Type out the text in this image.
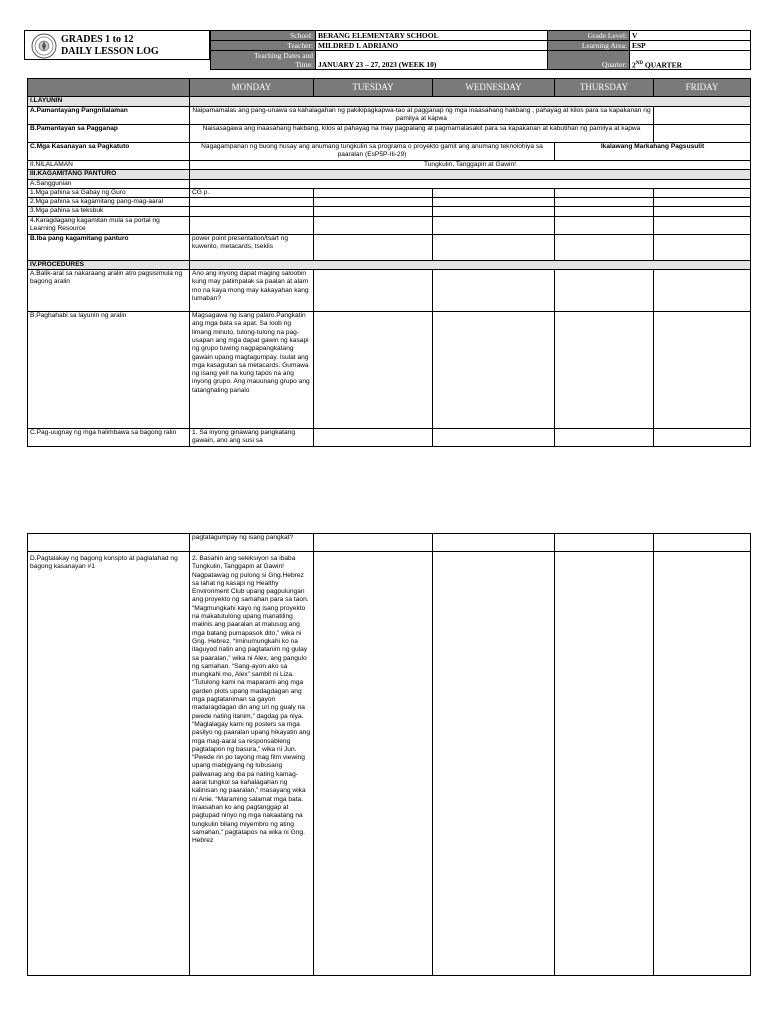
GRADES 1 to 12
DAILY LESSON LOG
School:	BERANG ELEMENTARY SCHOOL	Grade Level:	V
Teacher:	MILDRED I. ADRIANO	Learning Area:	ESP

Teaching Dates and
Time:	JANUARY 23 – 27, 2023 (WEEK 10)	Quarter:	2ND QUARTER
	MONDAY	TUESDAY	WEDNESDAY	THURSDAY	FRIDAY
I.LAYUNIN					
A.Pamantayang Pangnilalaman	Naipamamalas ang pang-unawa sa kahalagahan ng pakikipagkapwa-tao at pagganap ng mga inaasahang hakbang , pahayag at kilos para sa kapakanan ng pamilya at kapwa				
B.Pamantayan sa Pagganap	Naisasagawa ang inaasahang hakbang, kilos at pahayag na may pagpalang at pagmamalasakit para sa kapakanan at kabutihan ng pamilya at kapwa				
C.Mga Kasanayan sa Pagkatuto	Nagagampanan ng buong husay ang anumang tungkulin sa programa o proyekto gamit ang anumang teknolohiya sa paaralan (EsP5P-IIi-29)			Ikalawang Markahang Pagsusulit	
II.NILALAMAN	Tungkulin, Tanggapin at Gawin!				
III.KAGAMITANG PANTURO					
A.Sanggunian					
1.Mga pahina sa Gabay ng Guro	CG p.				
2.Mga pahina sa kagamitang pang-mag-aaral					
3.Mga pahina sa teksbuk					
4.Karagdagang kagamitan mula sa portal ng Learning Resource					
B.Iba pang kagamitang panturo	power point presentation/tsart ng kuwento, metacards, tseklis				
IV.PROCEDURES					
A.Balik-aral sa nakaraang aralin at/o pagsisimula ng bagong aralin	Ano ang inyong dapat maging saloobin kung may patimpalak sa paalan at alam mo na kaya mong may kakayahan kang lumaban?				
B.Paghahabi sa layunin ng aralin	Magsagawa ng isang palaro.Pangkatin ang mga bata sa apat. Sa loob ng limang minuto, tulong-tulong na pag- usapan ang mga dapat gawin ng kasapi ng grupo tuwing nagpapangkatang gawain upang magtagumpay. Isulat ang mga kasagutan sa metacards. Gumawa ng isang yell na kung tapos na ang inyong grupo. Ang mauunang grupo ang tatanghaling panalo				
C.Pag-uugnay ng mga halimbawa sa bagong ralin	1. Sa inyong ginawang pangkatang gawain, ano ang susi sa				
	pagtatagumpay ng isang pangkat?				
D.Pagtalakay ng bagong konspto at paglalahad ng bagong kasanayan #1	2. Basahin ang seleksiyon sa ibaba Tungkulin, Tanggapin at Gawin! Nagpatawag ng pulong si Gng.Hebrez sa lahat ng kasapi ng Healthy Environment Club upang pagpulungan ang proyekto ng samahan para sa taon. “Magmungkahi kayo ng isang proyekto na makatutulong upang manatiling malinis ang paaralan at malusog ang mga batang pumapasok dito,” wika ni Gng. Hebrez. “Iminumungkahi ko na itaguyod natin ang pagtatanim ng gulay sa paaralan,” wika ni Alex, ang pangulo ng samahan. “Sang-ayon ako sa mungkahi mo, Alex” sambit ni Liza. “Tutulong kami na maparami ang mga garden plots upang madagdagan ang mga pagtataniman sa gayon madaragdagan din ang uri ng gualy na pwede nating itanim,” dagdag pa niya. “Maglalagay kami ng posters sa mga pasilyo ng paaralan upang hikayatin ang mga mag-aaral sa responsableng pagtatapon ng basura,” wika ni Jun. “Pwede rin po tayong mag film viewing upang mabigyang ng lubusang paliwanag ang iba pa nating kamag-aaral tungkol sa kahalagahan ng kalinisan ng paaralan,” masayang wika ni Anie. “Maraming salamat mga bata. Inaasahan ko ang pagtanggap at pagtupad ninyo ng mga nakaatang na tungkulin bilang miyembro ng ating samahan,” pagtatapos na wika ni Gng. Hebrez				
